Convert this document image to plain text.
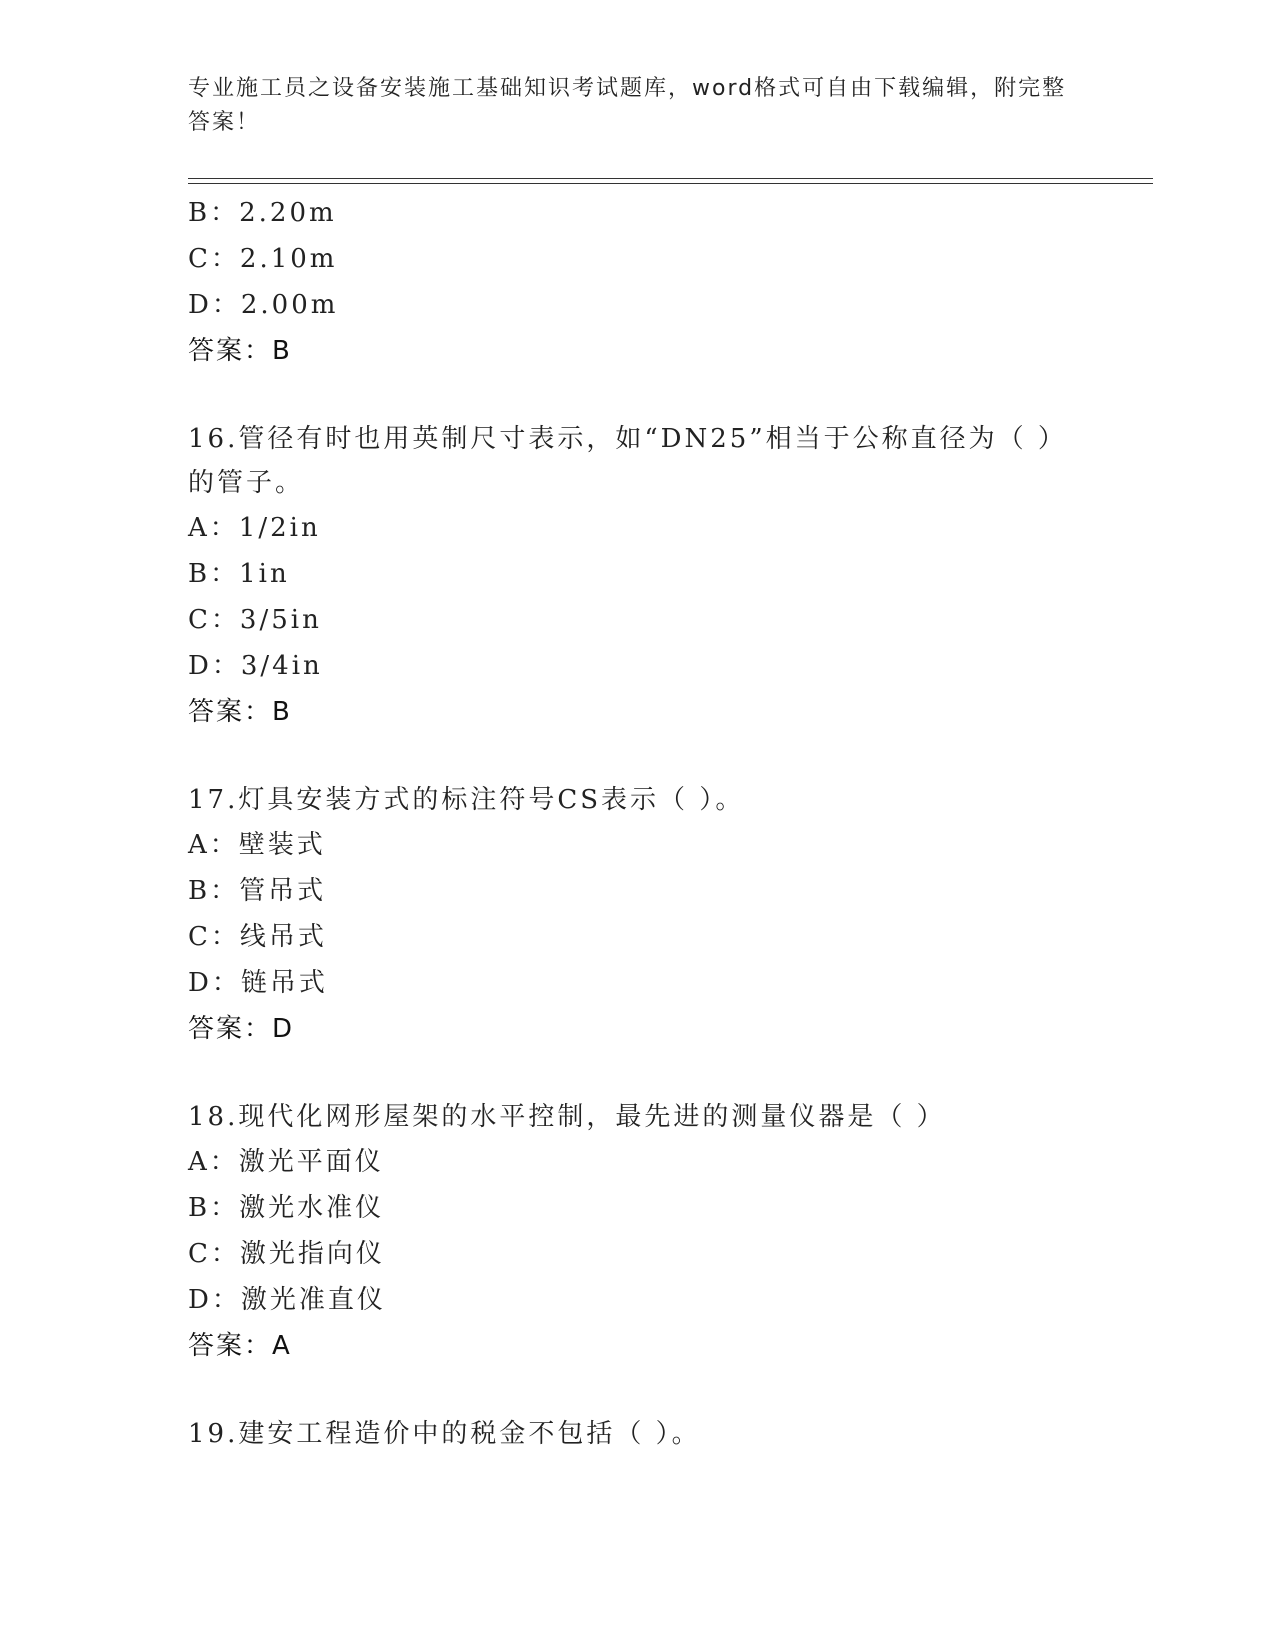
专业施工员之设备安装施工基础知识考试题库，word格式可自由下载编辑，附完整答案！
B：2.20m
C：2.10m
D：2.00m
答案：B
16.管径有时也用英制尺寸表示，如“DN25”相当于公称直径为（ ）的管子。
A：1/2in
B：1in
C：3/5in
D：3/4in
答案：B
17.灯具安装方式的标注符号CS表示（ ）。
A：壁装式
B：管吊式
C：线吊式
D：链吊式
答案：D
18.现代化网形屋架的水平控制，最先进的测量仪器是（ ）
A：激光平面仪
B：激光水准仪
C：激光指向仪
D：激光准直仪
答案：A
19.建安工程造价中的税金不包括（ ）。
